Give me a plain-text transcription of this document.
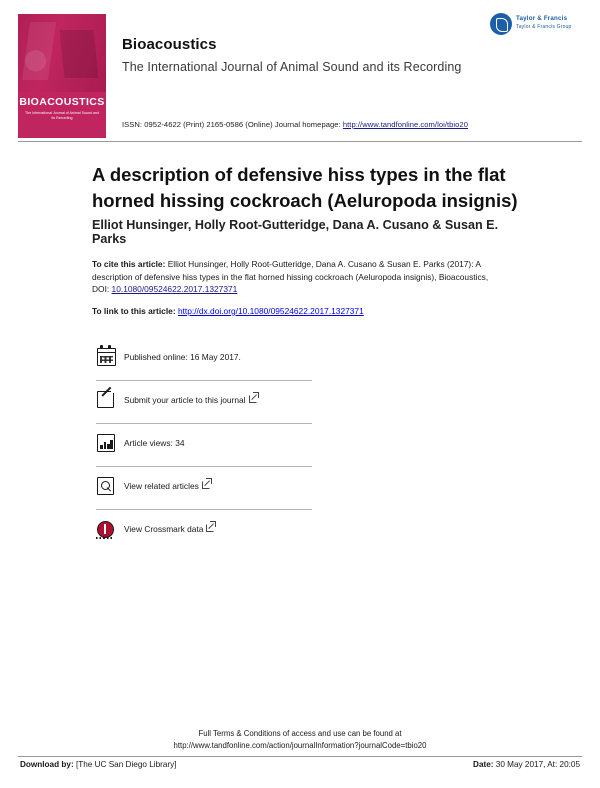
BIOACOUSTICS
The International Journal of Animal Sound and its Recording
Bioacoustics
The International Journal of Animal Sound and its Recording
Taylor & Francis
Taylor & Francis Group
ISSN: 0952-4622 (Print) 2165-0586 (Online) Journal homepage: http://www.tandfonline.com/loi/tbio20
A description of defensive hiss types in the flat horned hissing cockroach (Aeluropoda insignis)
Elliot Hunsinger, Holly Root-Gutteridge, Dana A. Cusano & Susan E. Parks
To cite this article: Elliot Hunsinger, Holly Root-Gutteridge, Dana A. Cusano & Susan E. Parks (2017): A description of defensive hiss types in the flat horned hissing cockroach (Aeluropoda insignis), Bioacoustics, DOI: 10.1080/09524622.2017.1327371
To link to this article: http://dx.doi.org/10.1080/09524622.2017.1327371
Published online: 16 May 2017.
Submit your article to this journal
Article views: 34
View related articles
View Crossmark data
Full Terms & Conditions of access and use can be found at
http://www.tandfonline.com/action/journalInformation?journalCode=tbio20
Download by: [The UC San Diego Library]	Date: 30 May 2017, At: 20:05
